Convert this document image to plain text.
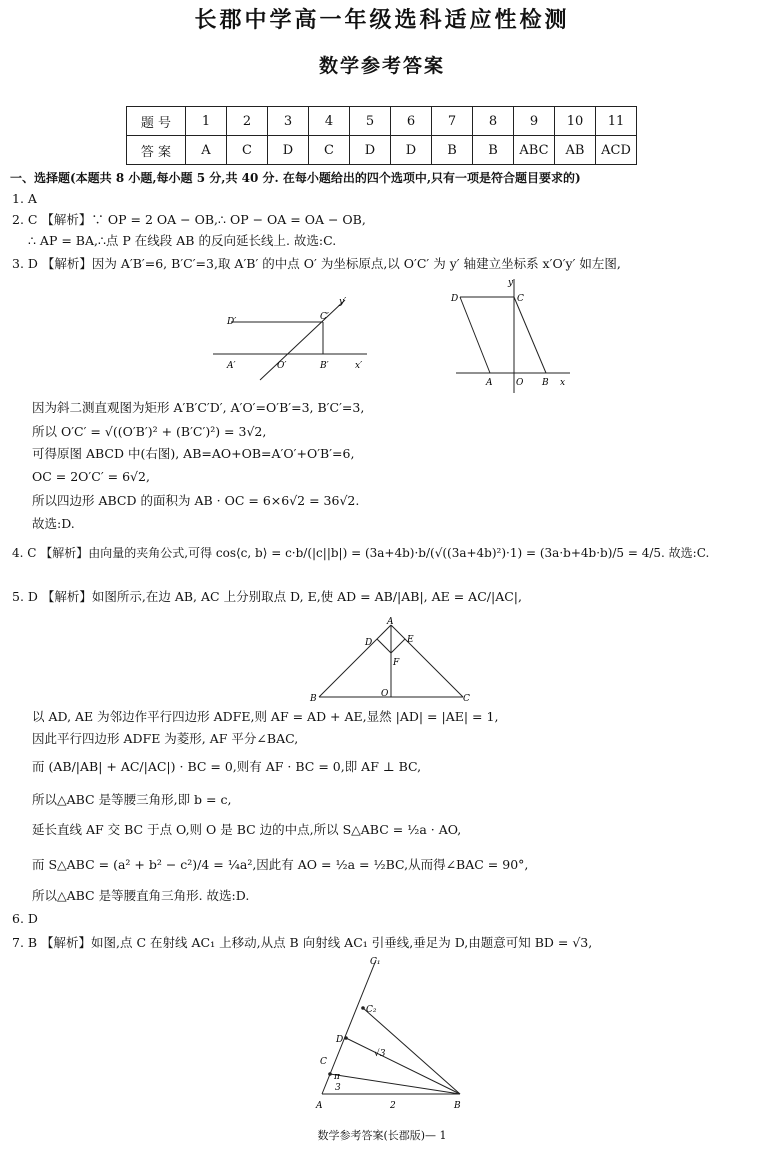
长郡中学高一年级选科适应性检测
数学参考答案
题 号	1	2	3	4	5	6	7	8	9	10	11
答 案	A	C	D	C	D	D	B	B	ABC	AB	ACD
一、选择题(本题共 8 小题,每小题 5 分,共 40 分. 在每小题给出的四个选项中,只有一项是符合题目要求的)
1. A
2. C 【解析】∵ OP = 2 OA − OB,∴ OP − OA = OA − OB,
∴ AP = BA,∴点 P 在线段 AB 的反向延长线上. 故选:C.
3. D 【解析】因为 A′B′=6, B′C′=3,取 A′B′ 的中点 O′ 为坐标原点,以 O′C′ 为 y′ 轴建立坐标系 x′O′y′ 如左图,
D′	C′
y′
A′	O′	B′	x′
y
D	C
A	O B x
因为斜二测直观图为矩形 A′B′C′D′, A′O′=O′B′=3, B′C′=3,
所以 O′C′ = √((O′B′)² + (B′C′)²) = 3√2,
可得原图 ABCD 中(右图), AB=AO+OB=A′O′+O′B′=6,
OC = 2O′C′ = 6√2,
所以四边形 ABCD 的面积为 AB · OC = 6×6√2 = 36√2.
故选:D.
4. C 【解析】由向量的夹角公式,可得 cos⟨c, b⟩ = c·b/(|c||b|) = (3a+4b)·b/(√((3a+4b)²)·1) = (3a·b+4b·b)/5 = 4/5. 故选:C.
5. D 【解析】如图所示,在边 AB, AC 上分别取点 D, E,使 AD = AB/|AB|, AE = AC/|AC|,
A
D	E
F
B	O	C
以 AD, AE 为邻边作平行四边形 ADFE,则 AF = AD + AE,显然 |AD| = |AE| = 1,
因此平行四边形 ADFE 为菱形, AF 平分∠BAC,
而 (AB/|AB| + AC/|AC|) · BC = 0,则有 AF · BC = 0,即 AF ⊥ BC,
所以△ABC 是等腰三角形,即 b = c,
延长直线 AF 交 BC 于点 O,则 O 是 BC 边的中点,所以 S△ABC = ½a · AO,
而 S△ABC = (a² + b² − c²)/4 = ¼a²,因此有 AO = ½a = ½BC,从而得∠BAC = 90°,
所以△ABC 是等腰直角三角形. 故选:D.
6. D
7. B 【解析】如图,点 C 在射线 AC₁ 上移动,从点 B 向射线 AC₁ 引垂线,垂足为 D,由题意可知 BD = √3,
C₁
C₂
D
C
π
3
√3
A	2	B
数学参考答案(长郡版)— 1
